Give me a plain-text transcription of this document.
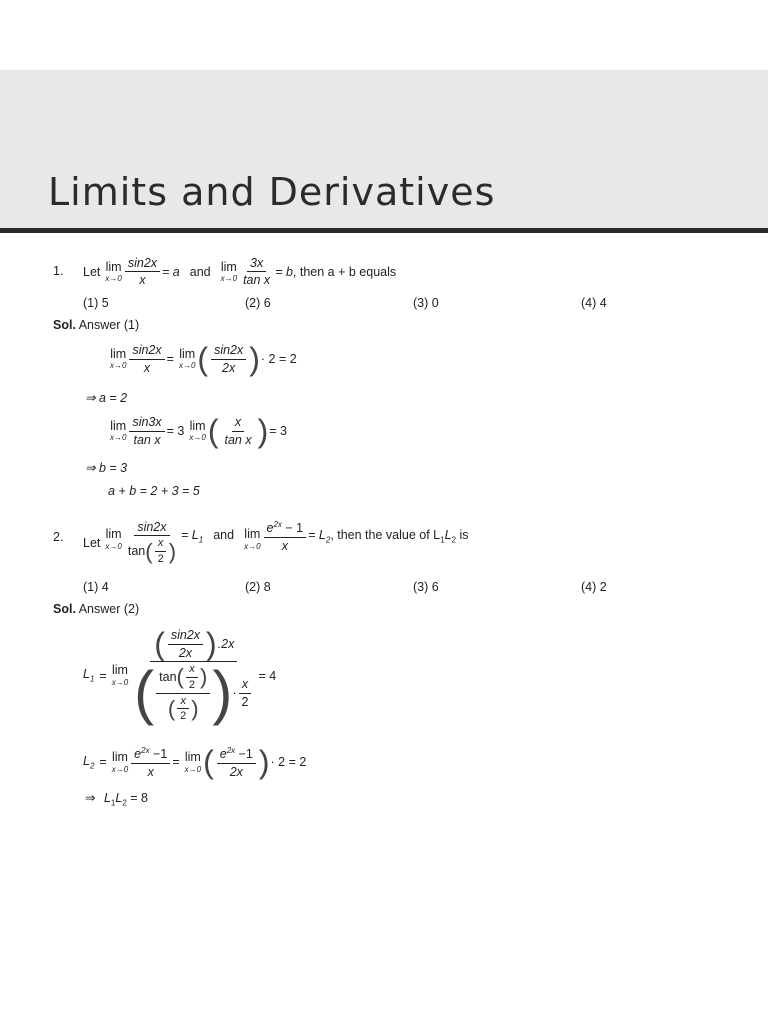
Limits and Derivatives
1. Let lim
$x\to 0 \frac{\sin 2x}{x} = a$ and lim
$x\to 0 \frac{3x}{\text{tan x}} = b$ , then a + b equals
(1) 5	(2) 6	(3) 0	(4) 4
Sol. Answer (1)
lim
$x\to 0 \frac{\sin 2x}{x} = \lim$
x→0 ( $\frac{\sin 2x}{2x}$ ) · 2 = 2
⇒ a = 2
lim
$x\to 0 \frac{\sin 3x}{\text{tan x}} = 3$ lim
x→0 ( $\frac{x}{\text{tan x}}$ ) = 3
⇒ b = 3
a + b = 2 + 3 = 5
2. Let
lim
$x\to 0 \frac{\sin 2x}{\tan ( \frac{x}{2} )} = L_1$ and lim
$x\to 0 \frac{e^{2x} - 1}{x} = L_2$ , then the value of $L_1L_2$ is
(1) 4	(2) 8	(3) 6	(4) 2
Sol. Answer (2)
$L_1 = \lim$
x→0
( $\frac{\sin 2x}{2x}$ ) .2x
( $\frac{\tan ( \frac{x}{2} )}{( \frac{x}{2} )}$ ) · $\frac{x}{2}$
= 4
$L_2 = \lim$
$x\to 0 \frac{e^{2x} -1}{x} = \lim$
x→0 ( $\frac{e^{2x} -1}{2x}$ ) · 2 = 2
⇒ $L_1L_2 = 8$
